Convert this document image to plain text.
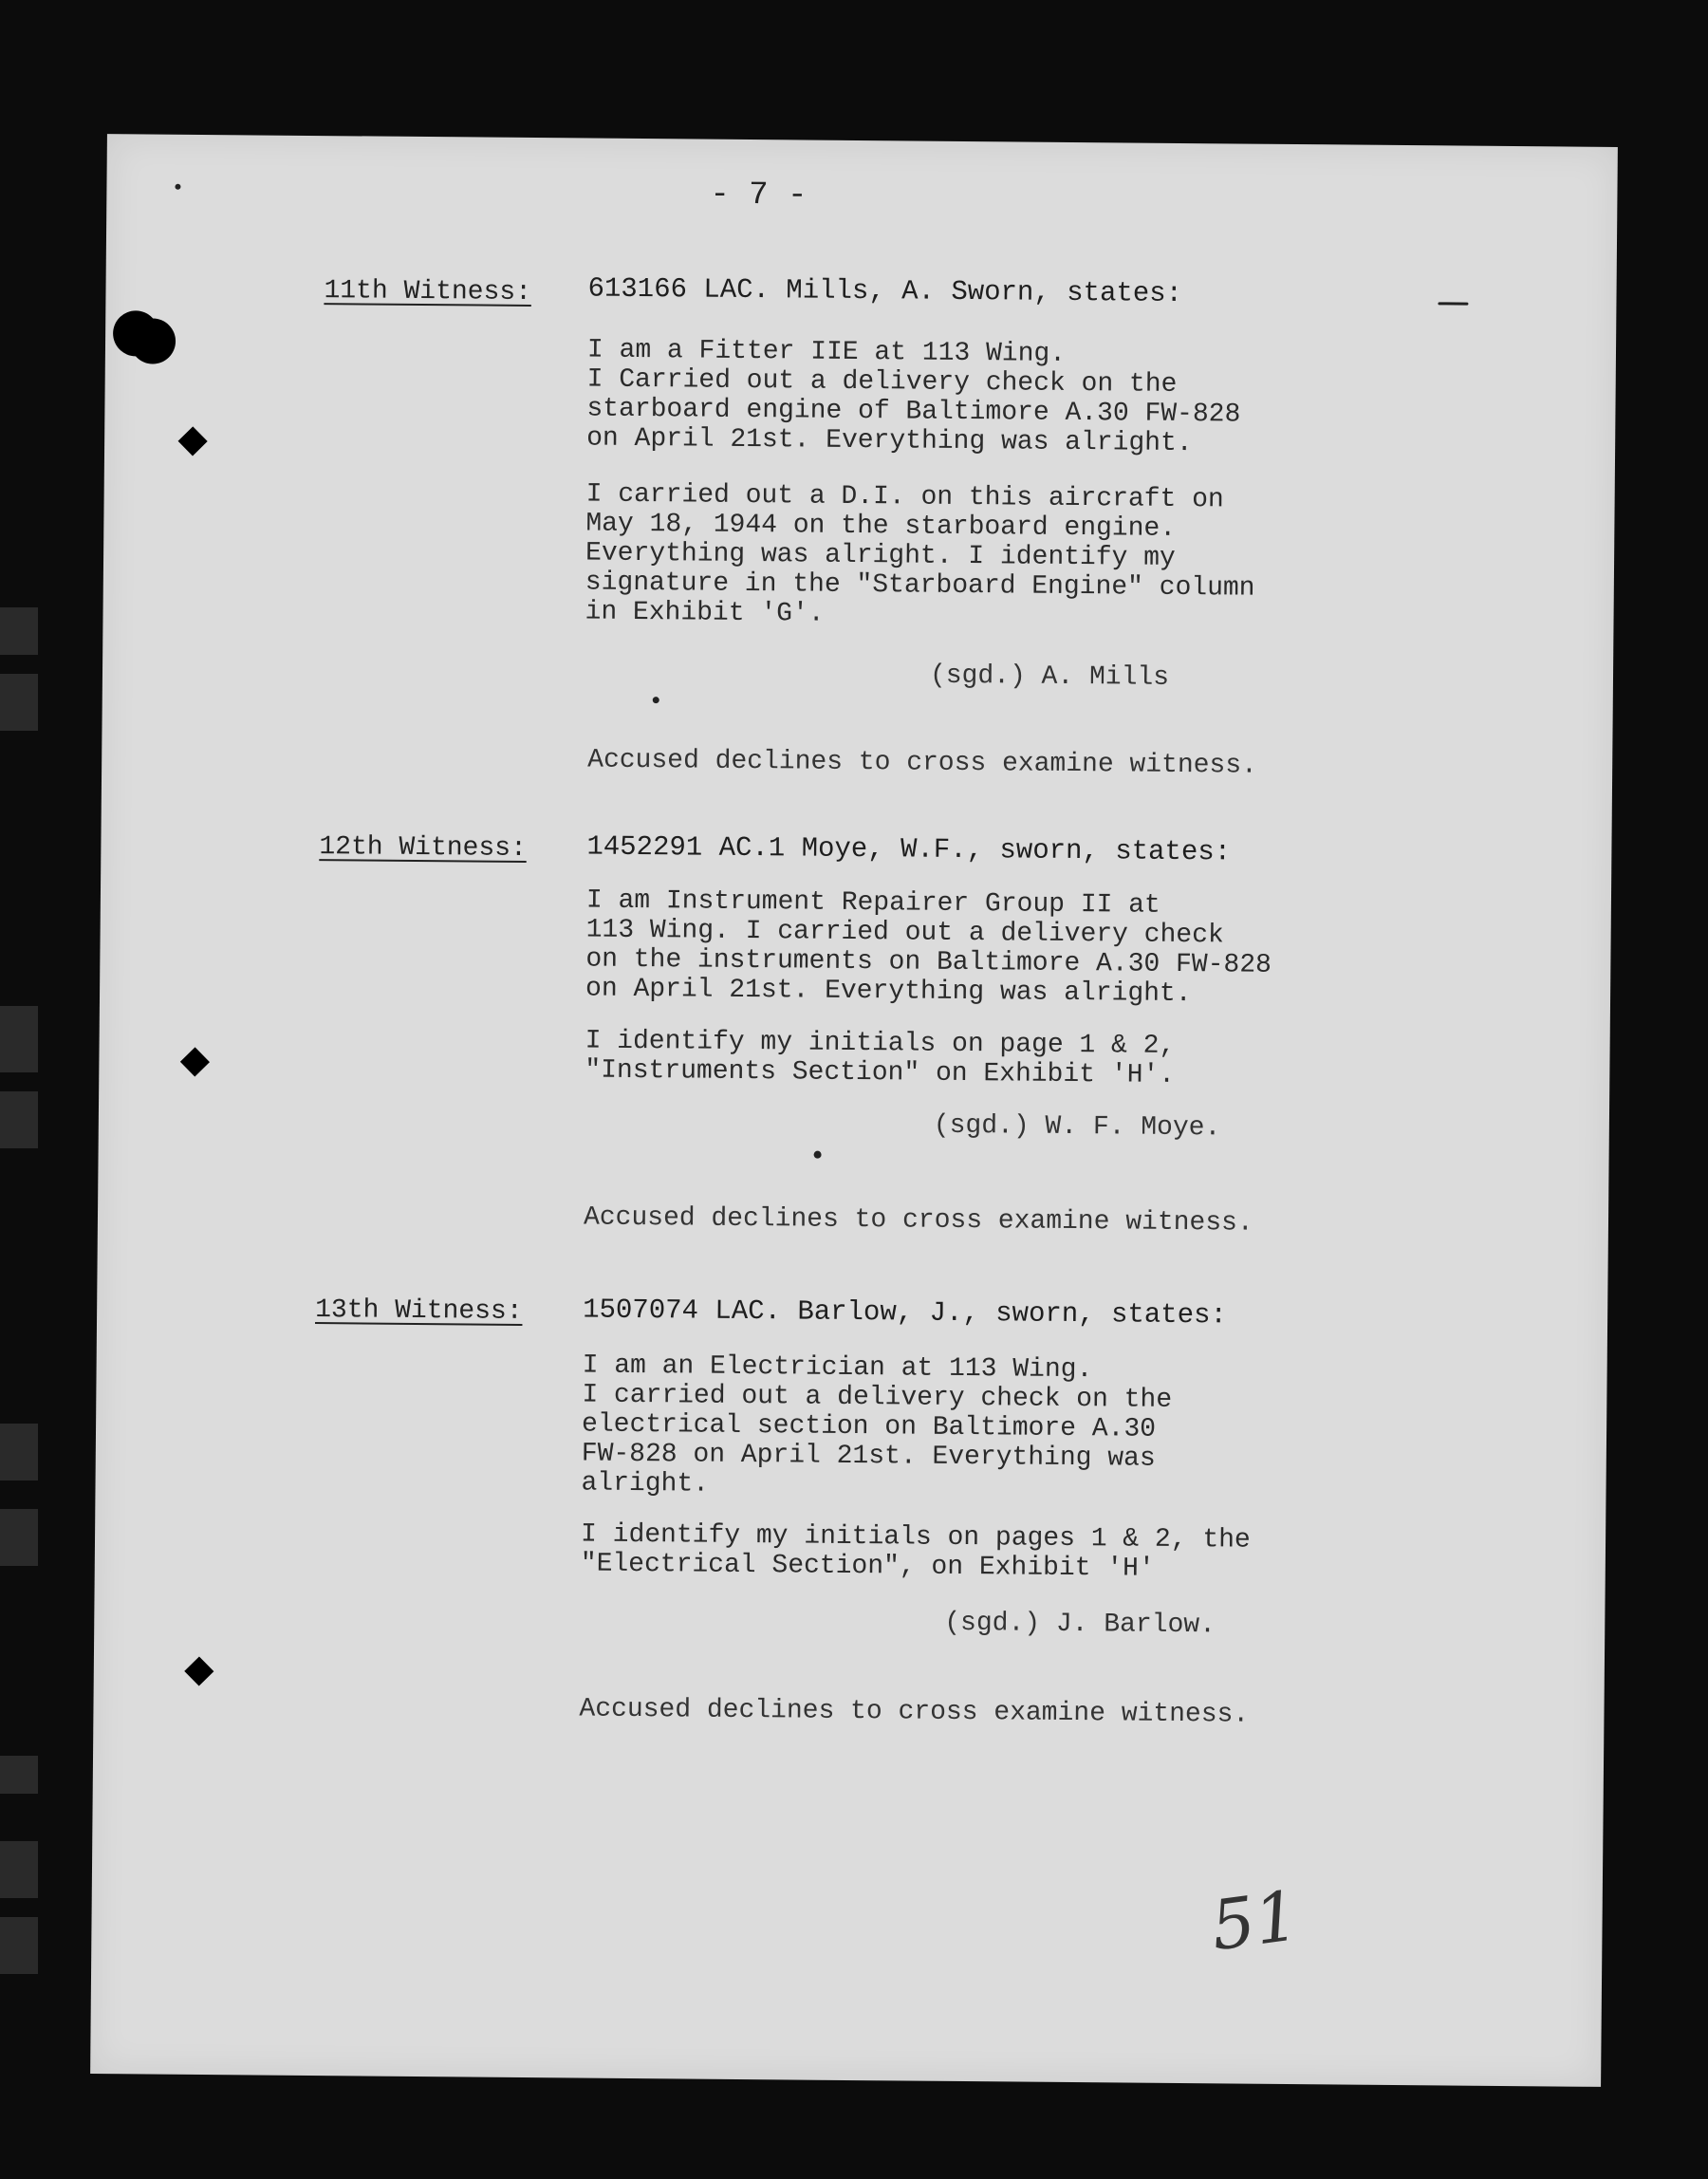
- 7 -
11th Witness: 613166 LAC. Mills, A. Sworn, states:
I am a Fitter IIE at 113 Wing.
I Carried out a delivery check on the
starboard engine of Baltimore A.30 FW-828
on April 21st. Everything was alright.
I carried out a D.I. on this aircraft on
May 18, 1944 on the starboard engine.
Everything was alright. I identify my
signature in the "Starboard Engine" column
in Exhibit 'G'.
(sgd.) A. Mills
Accused declines to cross examine witness.
12th Witness: 1452291 AC.1 Moye, W.F., sworn, states:
I am Instrument Repairer Group II at
113 Wing. I carried out a delivery check
on the instruments on Baltimore A.30 FW-828
on April 21st. Everything was alright.
I identify my initials on page 1 & 2,
"Instruments Section" on Exhibit 'H'.
(sgd.) W. F. Moye.
Accused declines to cross examine witness.
13th Witness: 1507074 LAC. Barlow, J., sworn, states:
I am an Electrician at 113 Wing.
I carried out a delivery check on the
electrical section on Baltimore A.30
FW-828 on April 21st. Everything was
alright.
I identify my initials on pages 1 & 2, the
"Electrical Section", on Exhibit 'H'
(sgd.) J. Barlow.
Accused declines to cross examine witness.
51
